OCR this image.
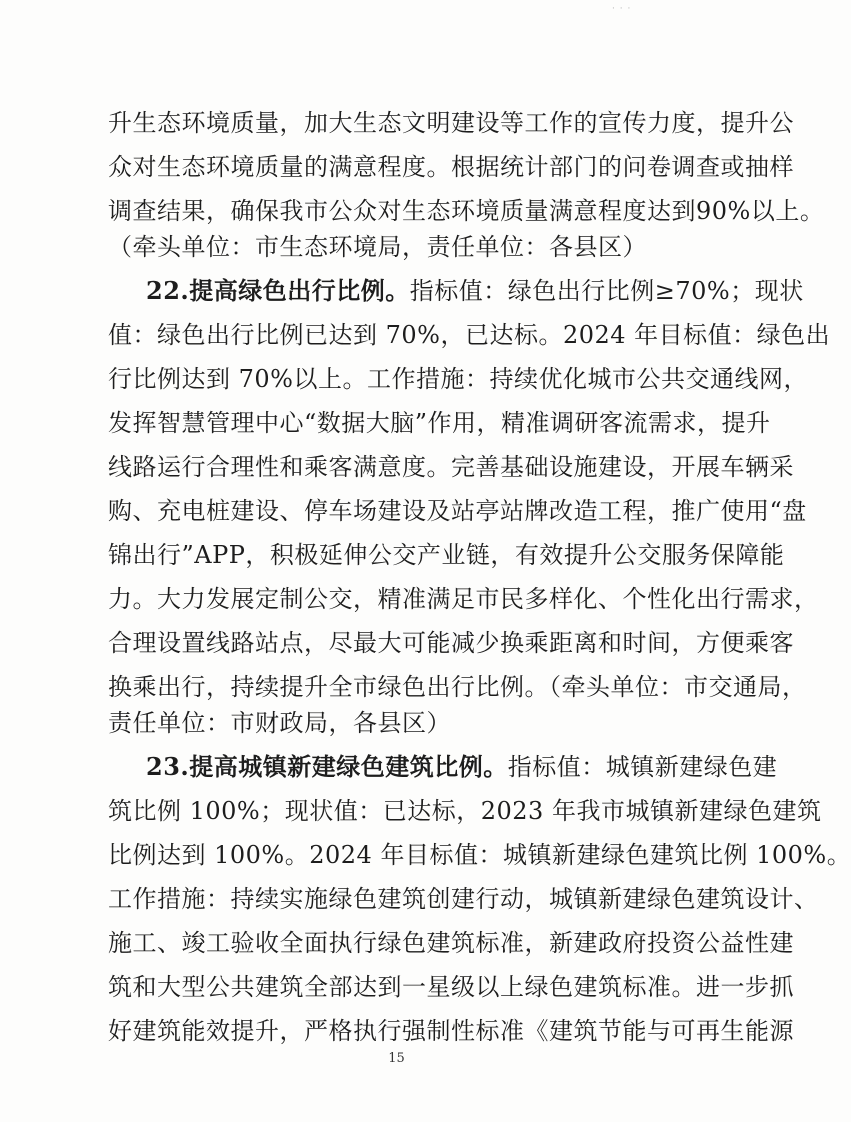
· · ·
升生态环境质量，加大生态文明建设等工作的宣传力度，提升公
众对生态环境质量的满意程度。根据统计部门的问卷调查或抽样
调查结果，确保我市公众对生态环境质量满意程度达到90%以上。
（牵头单位：市生态环境局，责任单位：各县区）
22.提高绿色出行比例。指标值：绿色出行比例≥70%；现状
值：绿色出行比例已达到 70%，已达标。2024 年目标值：绿色出
行比例达到 70%以上。工作措施：持续优化城市公共交通线网，
发挥智慧管理中心“数据大脑”作用，精准调研客流需求，提升
线路运行合理性和乘客满意度。完善基础设施建设，开展车辆采
购、充电桩建设、停车场建设及站亭站牌改造工程，推广使用“盘
锦出行”APP，积极延伸公交产业链，有效提升公交服务保障能
力。大力发展定制公交，精准满足市民多样化、个性化出行需求，
合理设置线路站点，尽最大可能减少换乘距离和时间，方便乘客
换乘出行，持续提升全市绿色出行比例。（牵头单位：市交通局，
责任单位：市财政局，各县区）
23.提高城镇新建绿色建筑比例。指标值：城镇新建绿色建
筑比例 100%；现状值：已达标，2023 年我市城镇新建绿色建筑
比例达到 100%。2024 年目标值：城镇新建绿色建筑比例 100%。
工作措施：持续实施绿色建筑创建行动，城镇新建绿色建筑设计、
施工、竣工验收全面执行绿色建筑标准，新建政府投资公益性建
筑和大型公共建筑全部达到一星级以上绿色建筑标准。进一步抓
好建筑能效提升，严格执行强制性标准《建筑节能与可再生能源
15
